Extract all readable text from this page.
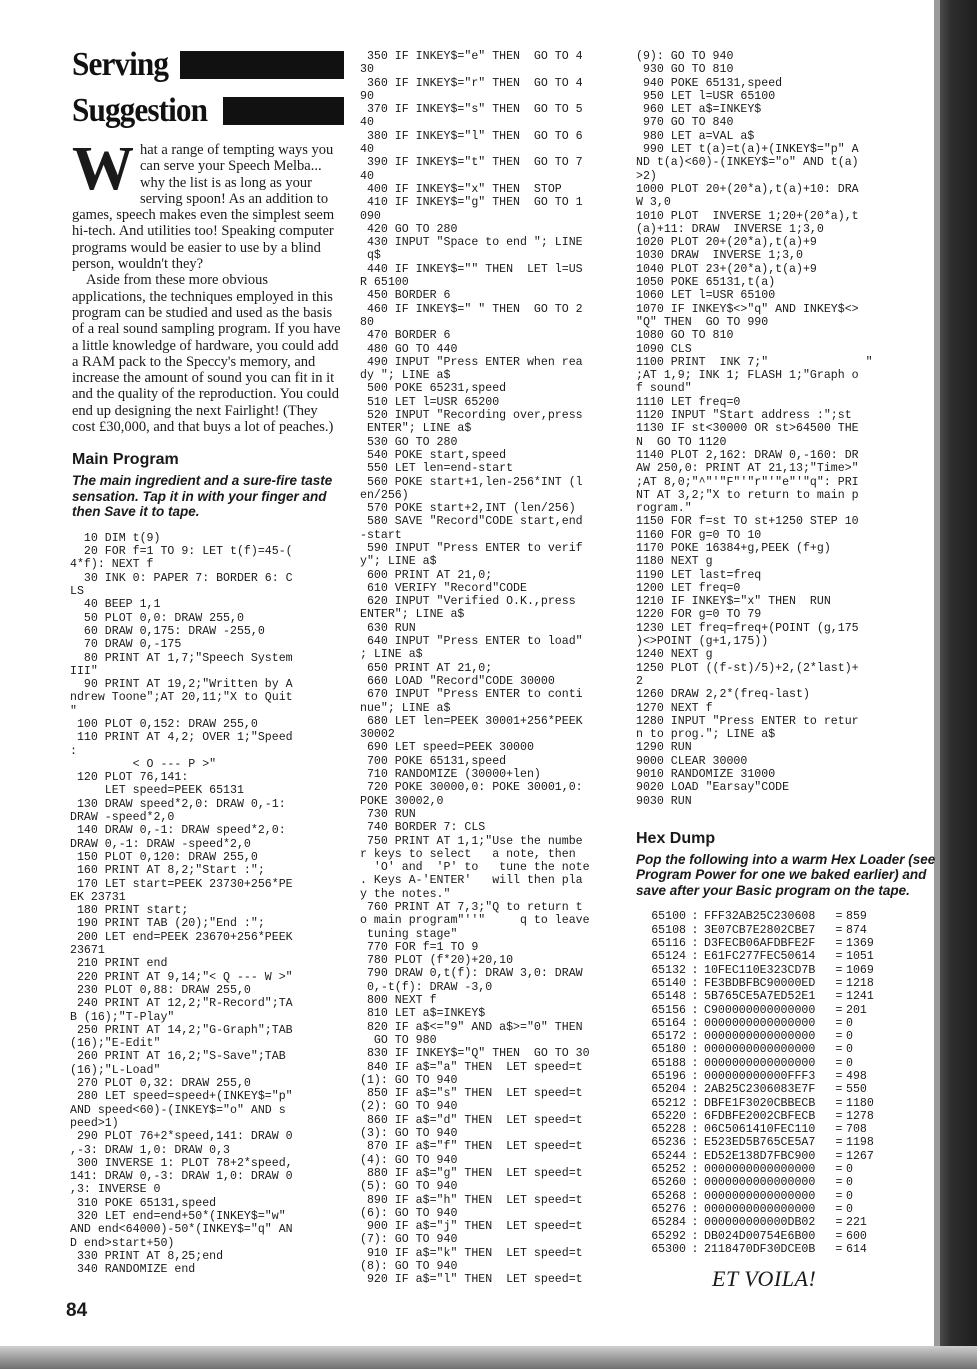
Serving
Suggestion

What a range of tempting ways you can serve your Speech Melba... why the list is as long as your serving spoon! As an addition to games, speech makes even the simplest seem hi-tech. And utilities too! Speaking computer programs would be easier to use by a blind person, wouldn't they?

Aside from these more obvious applications, the techniques employed in this program can be studied and used as the basis of a real sound sampling program. If you have a little knowledge of hardware, you could add a RAM pack to the Speccy's memory, and increase the amount of sound you can fit in it and the quality of the reproduction. You could end up designing the next Fairlight! (They cost £30,000, and that buys a lot of peaches.)

Main Program

The main ingredient and a sure-fire taste sensation. Tap it in with your finger and then Save it to tape.

10 DIM t(9)
20 FOR f=1 TO 9: LET t(f)=45-(
4*f): NEXT f
30 INK 0: PAPER 7: BORDER 6: C
LS
40 BEEP 1,1
50 PLOT 0,0: DRAW 255,0
60 DRAW 0,175: DRAW -255,0
70 DRAW 0,-175
80 PRINT AT 1,7;"Speech System
III"
90 PRINT AT 19,2;"Written by A
ndrew Toone";AT 20,11;"X to Quit
"
100 PLOT 0,152: DRAW 255,0
110 PRINT AT 4,2; OVER 1;"Speed
:
< O --- P >"
120 PLOT 76,141:
LET speed=PEEK 65131
130 DRAW speed*2,0: DRAW 0,-1:
DRAW -speed*2,0
140 DRAW 0,-1: DRAW speed*2,0:
DRAW 0,-1: DRAW -speed*2,0
150 PLOT 0,120: DRAW 255,0
160 PRINT AT 8,2;"Start :";
170 LET start=PEEK 23730+256*PE
EK 23731
180 PRINT start;
190 PRINT TAB (20);"End :";
200 LET end=PEEK 23670+256*PEEK
23671
210 PRINT end
220 PRINT AT 9,14;"< Q --- W >"
230 PLOT 0,88: DRAW 255,0
240 PRINT AT 12,2;"R-Record";TA
B (16);"T-Play"
250 PRINT AT 14,2;"G-Graph";TAB
(16);"E-Edit"
260 PRINT AT 16,2;"S-Save";TAB
(16);"L-Load"
270 PLOT 0,32: DRAW 255,0
280 LET speed=speed+(INKEY$="p"
AND speed<60)-(INKEY$="o" AND s
peed>1)
290 PLOT 76+2*speed,141: DRAW 0
,-3: DRAW 1,0: DRAW 0,3
300 INVERSE 1: PLOT 78+2*speed,
141: DRAW 0,-3: DRAW 1,0: DRAW 0
,3: INVERSE 0
310 POKE 65131,speed
320 LET end=end+50*(INKEY$="w"
AND end<64000)-50*(INKEY$="q" AN
D end>start+50)
330 PRINT AT 8,25;end
340 RANDOMIZE end
350 IF INKEY$="e" THEN  GO TO 4
30
360 IF INKEY$="r" THEN  GO TO 4
90
370 IF INKEY$="s" THEN  GO TO 5
40
380 IF INKEY$="l" THEN  GO TO 6
40
390 IF INKEY$="t" THEN  GO TO 7
40
400 IF INKEY$="x" THEN  STOP
410 IF INKEY$="g" THEN  GO TO 1
090
420 GO TO 280
430 INPUT "Space to end "; LINE
q$
440 IF INKEY$="" THEN  LET l=US
R 65100
450 BORDER 6
460 IF INKEY$=" " THEN  GO TO 2
80
470 BORDER 6
480 GO TO 440
490 INPUT "Press ENTER when rea
dy "; LINE a$
500 POKE 65231,speed
510 LET l=USR 65200
520 INPUT "Recording over,press
ENTER"; LINE a$
530 GO TO 280
540 POKE start,speed
550 LET len=end-start
560 POKE start+1,len-256*INT (l
en/256)
570 POKE start+2,INT (len/256)
580 SAVE "Record"CODE start,end
-start
590 INPUT "Press ENTER to verif
y"; LINE a$
600 PRINT AT 21,0;
610 VERIFY "Record"CODE
620 INPUT "Verified O.K.,press
ENTER"; LINE a$
630 RUN
640 INPUT "Press ENTER to load"
; LINE a$
650 PRINT AT 21,0;
660 LOAD "Record"CODE 30000
670 INPUT "Press ENTER to conti
nue"; LINE a$
680 LET len=PEEK 30001+256*PEEK
30002
690 LET speed=PEEK 30000
700 POKE 65131,speed
710 RANDOMIZE (30000+len)
720 POKE 30000,0: POKE 30001,0:
POKE 30002,0
730 RUN
740 BORDER 7: CLS
750 PRINT AT 1,1;"Use the numbe
r keys to select   a note, then
'O' and  'P' to   tune the note
. Keys A-'ENTER'   will then pla
y the notes."
760 PRINT AT 7,3;"Q to return t
o main program"''"     q to leave
tuning stage"
770 FOR f=1 TO 9
780 PLOT (f*20)+20,10
790 DRAW 0,t(f): DRAW 3,0: DRAW
0,-t(f): DRAW -3,0
800 NEXT f
810 LET a$=INKEY$
820 IF a$<="9" AND a$>="0" THEN
GO TO 980
830 IF INKEY$="Q" THEN  GO TO 30
840 IF a$="a" THEN  LET speed=t
(1): GO TO 940
850 IF a$="s" THEN  LET speed=t
(2): GO TO 940
860 IF a$="d" THEN  LET speed=t
(3): GO TO 940
870 IF a$="f" THEN  LET speed=t
(4): GO TO 940
880 IF a$="g" THEN  LET speed=t
(5): GO TO 940
890 IF a$="h" THEN  LET speed=t
(6): GO TO 940
900 IF a$="j" THEN  LET speed=t
(7): GO TO 940
910 IF a$="k" THEN  LET speed=t
(8): GO TO 940
920 IF a$="l" THEN  LET speed=t
(9): GO TO 940
930 GO TO 810
940 POKE 65131,speed
950 LET l=USR 65100
960 LET a$=INKEY$
970 GO TO 840
980 LET a=VAL a$
990 LET t(a)=t(a)+(INKEY$="p" A
ND t(a)<60)-(INKEY$="o" AND t(a)
>2)
1000 PLOT 20+(20*a),t(a)+10: DRA
W 3,0
1010 PLOT  INVERSE 1;20+(20*a),t
(a)+11: DRAW  INVERSE 1;3,0
1020 PLOT 20+(20*a),t(a)+9
1030 DRAW  INVERSE 1;3,0
1040 PLOT 23+(20*a),t(a)+9
1050 POKE 65131,t(a)
1060 LET l=USR 65100
1070 IF INKEY$<>"q" AND INKEY$<>
"Q" THEN  GO TO 990
1080 GO TO 810
1090 CLS
1100 PRINT  INK 7;"              "
;AT 1,9; INK 1; FLASH 1;"Graph o
f sound"
1110 LET freq=0
1120 INPUT "Start address :";st
1130 IF st<30000 OR st>64500 THE
N  GO TO 1120
1140 PLOT 2,162: DRAW 0,-160: DR
AW 250,0: PRINT AT 21,13;"Time>"
;AT 8,0;"^"'"F"'"r"'"e"'"q": PRI
NT AT 3,2;"X to return to main p
rogram."
1150 FOR f=st TO st+1250 STEP 10
1160 FOR g=0 TO 10
1170 POKE 16384+g,PEEK (f+g)
1180 NEXT g
1190 LET last=freq
1200 LET freq=0
1210 IF INKEY$="x" THEN  RUN
1220 FOR g=0 TO 79
1230 LET freq=freq+(POINT (g,175
)<>POINT (g+1,175))
1240 NEXT g
1250 PLOT ((f-st)/5)+2,(2*last)+
2
1260 DRAW 2,2*(freq-last)
1270 NEXT f
1280 INPUT "Press ENTER to retur
n to prog."; LINE a$
1290 RUN
9000 CLEAR 30000
9010 RANDOMIZE 31000
9020 LOAD "Earsay"CODE
9030 RUN
Hex Dump

Pop the following into a warm Hex Loader (see Program Power for one we baked earlier) and save after your Basic program on the tape.

65100 : FFF32AB25C230608	= 859
65108 : 3E07CB7E2802CBE7	= 874
65116 : D3FECB06AFDBFE2F	= 1369
65124 : E61FC277FEC50614	= 1051
65132 : 10FEC110E323CD7B	= 1069
65140 : FE3BDBFBC90000ED	= 1218
65148 : 5B765CE5A7ED52E1	= 1241
65156 : C900000000000000	= 201
65164 : 0000000000000000	= 0
65172 : 0000000000000000	= 0
65180 : 0000000000000000	= 0
65188 : 0000000000000000	= 0
65196 : 000000000000FFF3	= 498
65204 : 2AB25C2306083E7F	= 550
65212 : DBFE1F3020CBBECB	= 1180
65220 : 6FDBFE2002CBFECB	= 1278
65228 : 06C5061410FEC110	= 708
65236 : E523ED5B765CE5A7	= 1198
65244 : ED52E138D7FBC900	= 1267
65252 : 0000000000000000	= 0
65260 : 0000000000000000	= 0
65268 : 0000000000000000	= 0
65276 : 0000000000000000	= 0
65284 : 000000000000DB02	= 221
65292 : DB024D00754E6B00	= 600
65300 : 2118470DF30DCE0B	= 614
ET VOILA!
84
